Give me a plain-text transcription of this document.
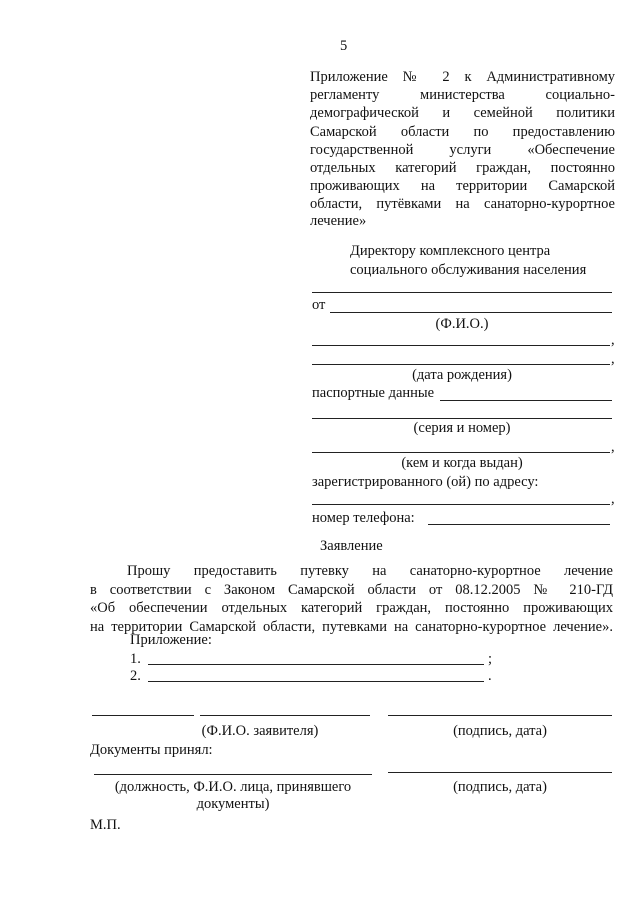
5
Приложение № 2 к Административному
регламенту министерства социально-
демографической и семейной политики
Самарской области по предоставлению
государственной услуги «Обеспечение
отдельных категорий граждан, постоянно
проживающих на территории Самарской
области, путёвками на санаторно-курортное
лечение»
Директору комплексного центра
социального обслуживания населения
от
(Ф.И.О.)
,
,
(дата рождения)
паспортные данные
(серия и номер)
,
(кем и когда выдан)
зарегистрированного (ой) по адресу:
,
номер телефона:
Заявление
Прошу предоставить путевку на санаторно-курортное лечение
в соответствии с Законом Самарской области от 08.12.2005 № 210-ГД
«Об обеспечении отдельных категорий граждан, постоянно проживающих
на территории Самарской области, путевками на санаторно-курортное лечение».
Приложение:
1.	;
2.	.
(Ф.И.О. заявителя)	(подпись, дата)
Документы принял:
(должность, Ф.И.О. лица, принявшего
документы)
(подпись, дата)
М.П.
